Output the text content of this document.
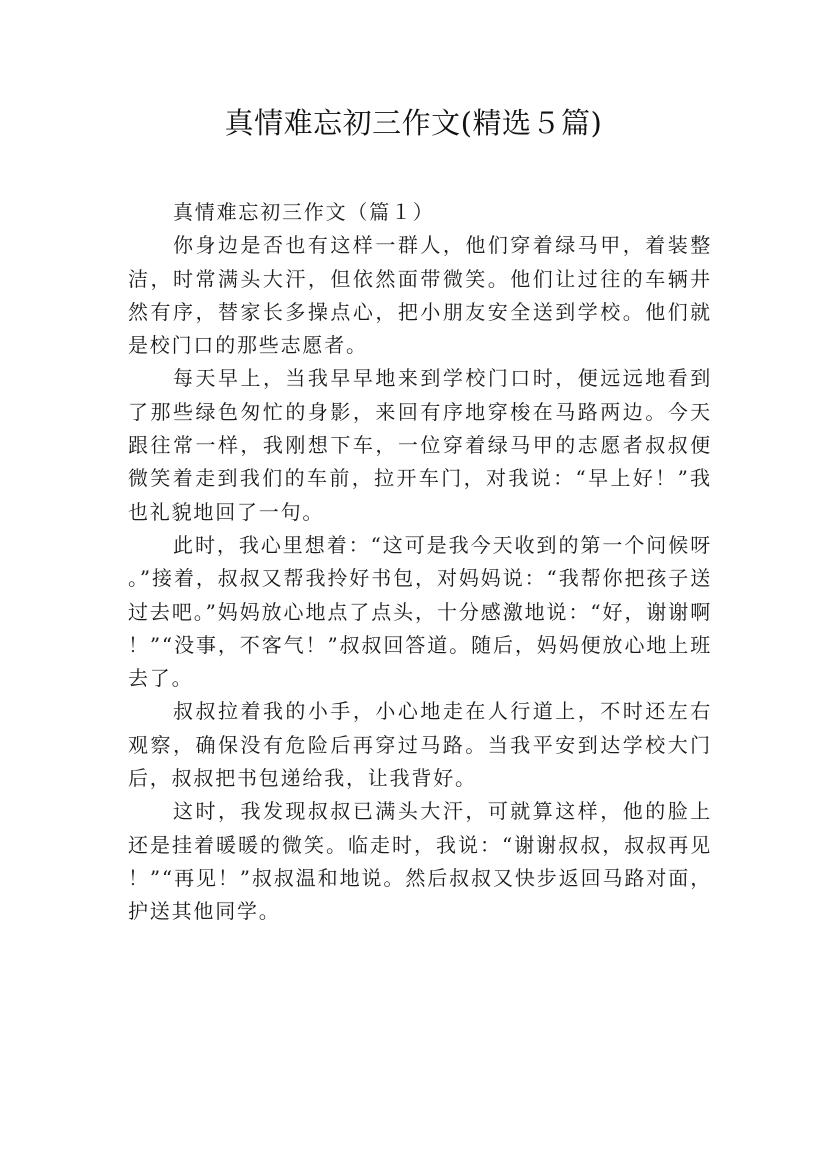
真情难忘初三作文(精选５篇)

真情难忘初三作文（篇１）

你身边是否也有这样一群人，他们穿着绿马甲，着装整洁，时常满头大汗，但依然面带微笑。他们让过往的车辆井然有序，替家长多操点心，把小朋友安全送到学校。他们就是校门口的那些志愿者。

每天早上，当我早早地来到学校门口时，便远远地看到了那些绿色匆忙的身影，来回有序地穿梭在马路两边。今天跟往常一样，我刚想下车，一位穿着绿马甲的志愿者叔叔便微笑着走到我们的车前，拉开车门，对我说：“早上好！”我也礼貌地回了一句。

此时，我心里想着：“这可是我今天收到的第一个问候呀。”接着，叔叔又帮我拎好书包，对妈妈说：“我帮你把孩子送过去吧。”妈妈放心地点了点头，十分感激地说：“好，谢谢啊！”“没事，不客气！”叔叔回答道。随后，妈妈便放心地上班去了。

叔叔拉着我的小手，小心地走在人行道上，不时还左右观察，确保没有危险后再穿过马路。当我平安到达学校大门后，叔叔把书包递给我，让我背好。

这时，我发现叔叔已满头大汗，可就算这样，他的脸上还是挂着暖暖的微笑。临走时，我说：“谢谢叔叔，叔叔再见！”“再见！”叔叔温和地说。然后叔叔又快步返回马路对面，护送其他同学。
